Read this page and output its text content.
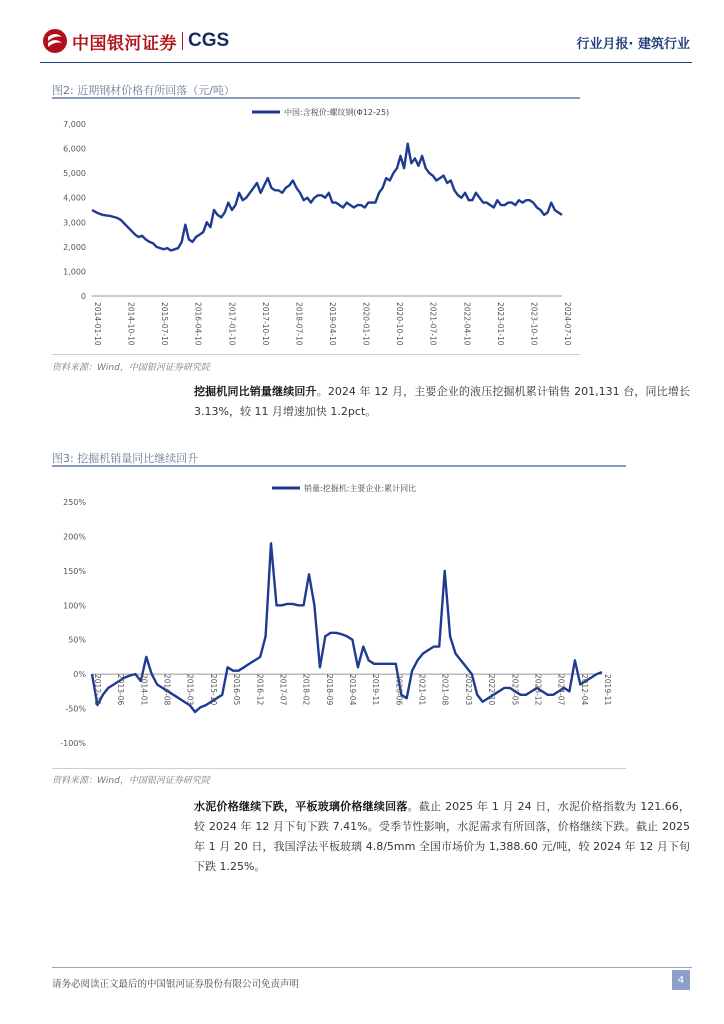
中国银河证券 CGS	行业月报· 建筑行业
图2: 近期钢材价格有所回落（元/吨）
中国:含税价:螺纹钢(Φ12-25)
0
1,000
2,000
3,000
4,000
5,000
6,000
7,000
2014-01-10	2014-10-10	2015-07-10	2016-04-10	2017-01-10	2017-10-10	2018-07-10	2019-04-10	2020-01-10	2020-10-10	2021-07-10	2022-04-10	2023-01-10	2023-10-10	2024-07-10
资料来源：Wind，中国银河证券研究院
挖掘机同比销量继续回升。2024 年 12 月，主要企业的液压挖掘机累计销售 201,131 台，同比增长 3.13%，较 11 月增速加快 1.2pct。
图3: 挖掘机销量同比继续回升
销量:挖掘机:主要企业:累计同比
-100%
-50%
0%
50%
100%
150%
200%
250%
2012-11 2013-06 2014-01 2014-08 2015-03 2015-10 2016-05 2016-12 2017-07 2018-02 2018-09 2019-04 2019-11 2020-06 2021-01 2021-08 2022-03 2022-10 2023-05 2023-12 2024-07 2012-04 2019-11
资料来源：Wind，中国银河证券研究院
水泥价格继续下跌，平板玻璃价格继续回落。截止 2025 年 1 月 24 日，水泥价格指数为 121.66，较 2024 年 12 月下旬下跌 7.41%。受季节性影响，水泥需求有所回落，价格继续下跌。截止 2025 年 1 月 20 日，我国浮法平板玻璃 4.8/5mm 全国市场价为 1,388.60 元/吨，较 2024 年 12 月下旬下跌 1.25%。
请务必阅读正文最后的中国银河证券股份有限公司免责声明	4
